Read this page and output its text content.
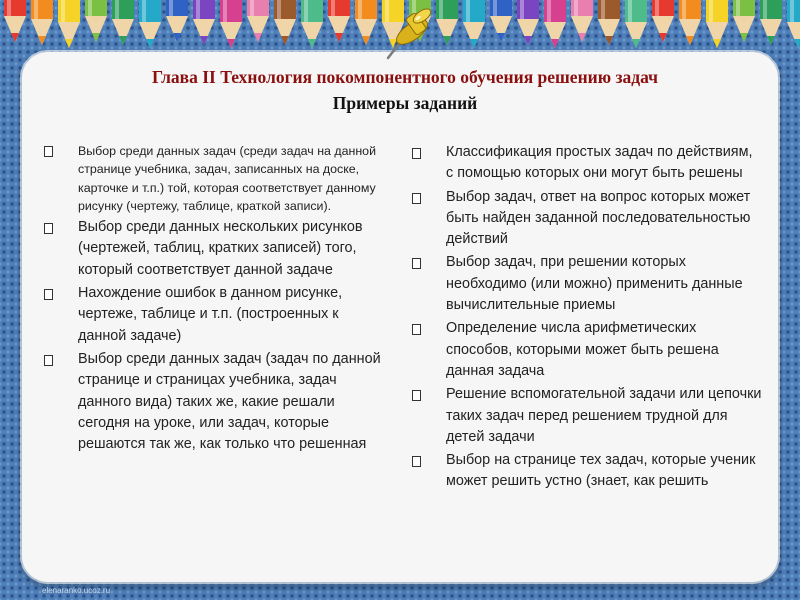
Глава II Технология покомпонентного обучения решению задач
Примеры заданий
Выбор среди данных задач (среди задач на данной странице учебника, задач, записанных на доске, карточке и т.п.) той, которая соответствует данному рисунку (чертежу, таблице, краткой записи).
Выбор среди данных нескольких рисунков (чертежей, таблиц, кратких записей) того, который соответствует данной задаче
Нахождение ошибок в данном рисунке, чертеже, таблице и т.п. (построенных к данной задаче)
Выбор среди данных задач (задач по данной странице и страницах учебника, задач данного вида) таких же, какие решали сегодня на уроке, или задач, которые решаются так же, как только что решенная
Классификация простых задач по действиям, с помощью которых они могут быть решены
Выбор задач, ответ на вопрос которых может быть найден заданной последовательностью действий
Выбор задач, при решении которых необходимо (или можно) применить данные вычислительные приемы
Определение числа арифметических способов, которыми может быть решена данная задача
Решение вспомогательной задачи или цепочки таких задач перед решением трудной для детей задачи
Выбор на странице тех задач, которые ученик может решить устно (знает, как решить
elenaranko.ucoz.ru
